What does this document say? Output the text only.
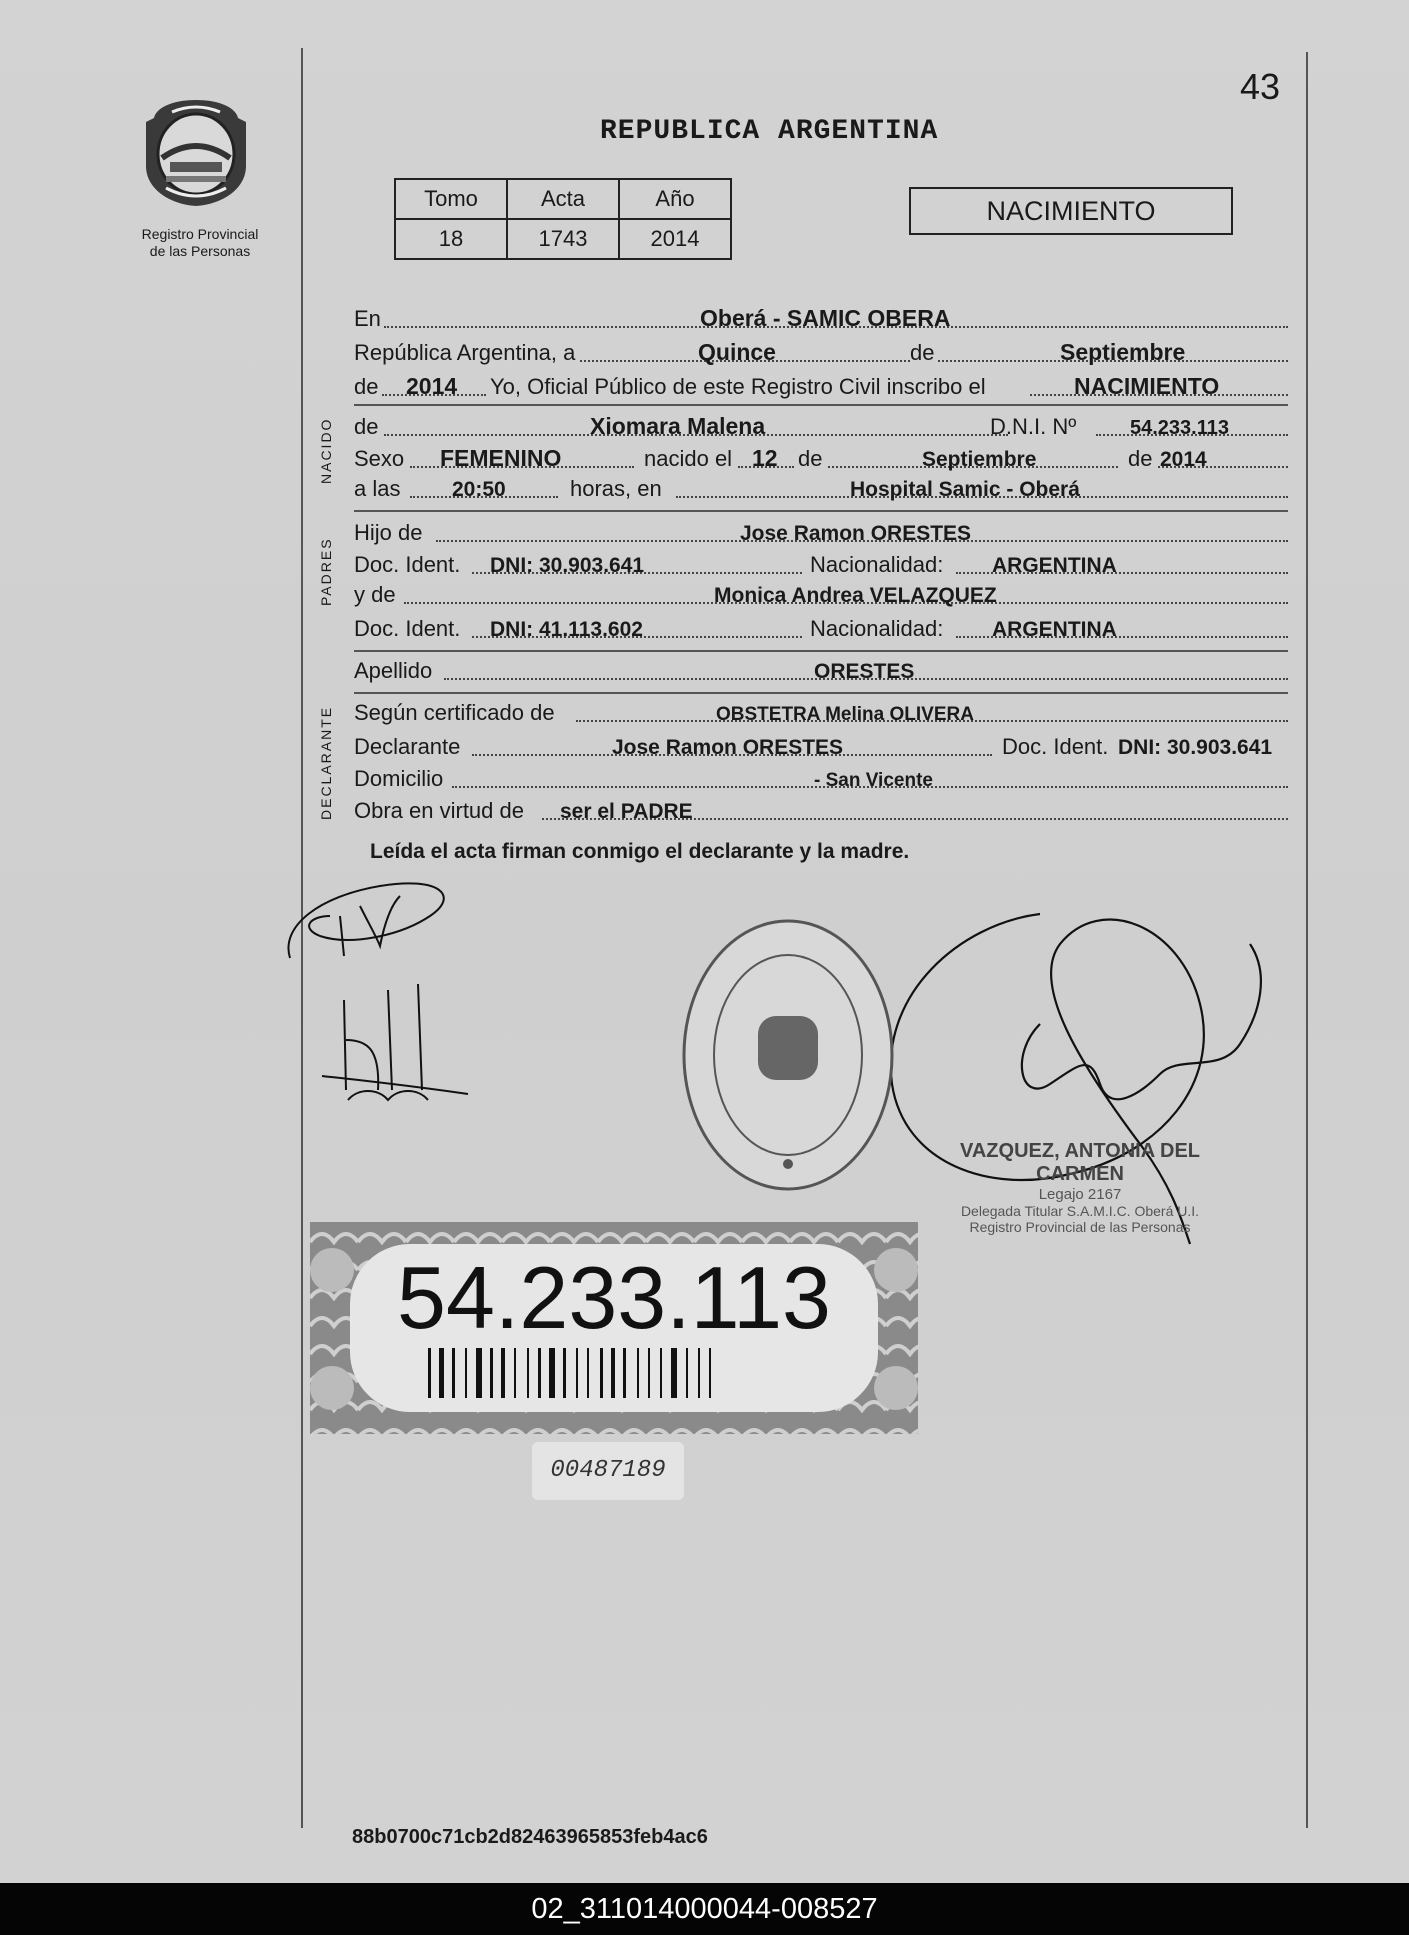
43
REPUBLICA ARGENTINA
Registro Provincial
de las Personas
Tomo	Acta	Año
18	1743	2014
NACIMIENTO
En	Oberá - SAMIC OBERA
República Argentina, a	Quince	de	Septiembre
de 2014 Yo, Oficial Público de este Registro Civil inscribo el	NACIMIENTO
NACIDO de	Xiomara Malena	D.N.I. Nº	54.233.113
Sexo FEMENINO	nacido el 12 de	Septiembre	de 2014
a las 20:50	horas, en	Hospital Samic - Oberá
PADRES
Hijo de	Jose Ramon ORESTES
Doc. Ident. DNI: 30.903.641	Nacionalidad: ARGENTINA
y de	Monica Andrea VELAZQUEZ
Doc. Ident. DNI: 41.113.602	Nacionalidad: ARGENTINA
Apellido	ORESTES
DECLARANTE Según certificado de	OBSTETRA Melina OLIVERA
Declarante	Jose Ramon ORESTES	Doc. Ident. DNI: 30.903.641
Domicilio	- San Vicente
Obra en virtud de ser el PADRE
Leída el acta firman conmigo el declarante y la madre.
VAZQUEZ, ANTONIA DEL CARMEN
Legajo 2167
Delegada Titular S.A.M.I.C. Oberá U.I.
Registro Provincial de las Personas
54.233.113
00487189
88b0700c71cb2d82463965853feb4ac6
02_311014000044-008527
